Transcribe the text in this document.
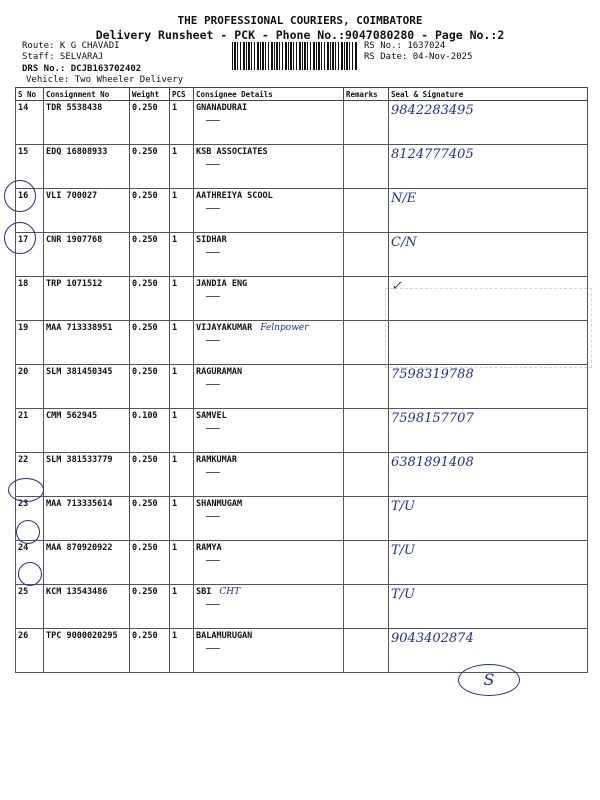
THE PROFESSIONAL COURIERS, COIMBATORE
Delivery Runsheet - PCK - Phone No.:9047080280 - Page No.:2
Route: K G CHAVADI
Staff: SELVARAJ
DRS No.: DCJB163702402
Vehicle: Two Wheeler Delivery
RS No.: 1637024
RS Date: 04-Nov-2025
S No	Consignment No	Weight	PCS	Consignee Details	Remarks	Seal & Signature
14	TDR 5538438	0.250	1	GNANADURAI		9842283495
15	EDQ 16808933	0.250	1	KSB ASSOCIATES		8124777405
16	VLI 700027	0.250	1	AATHREIYA SCOOL		N/E
17	CNR 1907768	0.250	1	SIDHAR		C/N
18	TRP 1071512	0.250	1	JANDIA ENG		✓
19	MAA 713338951	0.250	1	VIJAYAKUMAR Felnpower

20	SLM 381450345	0.250	1	RAGURAMAN		7598319788
21	CMM 562945	0.100	1	SAMVEL		7598157707
22	SLM 381533779	0.250	1	RAMKUMAR		6381891408
23	MAA 713335614	0.250	1	SHANMUGAM		T/U
24	MAA 870920922	0.250	1	RAMYA		T/U
25	KCM 13543486	0.250	1	SBI CHT		T/U
26	TPC 9000020295	0.250	1	BALAMURUGAN		9043402874
S
